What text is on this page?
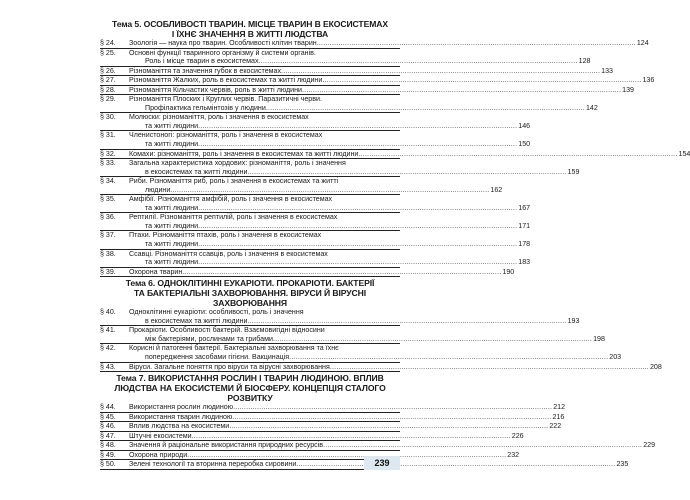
Тема 5. ОСОБЛИВОСТІ ТВАРИН. МІСЦЕ ТВАРИН В ЕКОСИСТЕМАХ
І ЇХНЄ ЗНАЧЕННЯ В ЖИТТІ ЛЮДСТВА
§ 24.	Зоологія — наука про тварин. Особливості клітин тварин .....	124
§ 25.	Основні функції тваринного організму й системи органів.
Роль і місце тварин в екосистемах .....	128
§ 26.	Різноманіття та значення губок в екосистемах .....	133
§ 27.	Різноманіття Жалких, роль в екосистемах та житті людини .....	136
§ 28.	Різноманіття Кільчастих червів, роль в житті людини .....	139
§ 29.	Різноманіття Плоских і Круглих червів. Паразитичні черви.
Профілактика гельмінтозів у людини .....	142
§ 30.	Молюски: різноманіття, роль і значення в екосистемах
та житті людини .....	146
§ 31.	Членистоногі: різноманіття, роль і значення в екосистемах
та житті людини .....	150
§ 32.	Комахи: різноманіття, роль і значення в екосистемах та житті людини .....	154
§ 33.	Загальна характеристика хордових: різноманіття, роль і значення
в екосистемах та житті людини .....	159
§ 34.	Риби. Різноманіття риб, роль і значення в екосистемах та житті
людини .....	162
§ 35.	Амфібії. Різноманіття амфібій, роль і значення в екосистемах
та житті людини .....	167
§ 36.	Рептилії. Різноманіття рептилій, роль і значення в екосистемах
та житті людини .....	171
§ 37.	Птахи. Різноманіття птахів, роль і значення в екосистемах
та житті людини .....	178
§ 38.	Ссавці. Різноманіття ссавців, роль і значення в екосистемах
та житті людини .....	183
§ 39.	Охорона тварин .....	190
Тема 6. ОДНОКЛІТИННІ ЕУКАРІОТИ. ПРОКАРІОТИ. БАКТЕРІЇ
ТА БАКТЕРІАЛЬНІ ЗАХВОРЮВАННЯ. ВІРУСИ Й ВІРУСНІ ЗАХВОРЮВАННЯ
§ 40.	Одноклітинні еукаріоти: особливості, роль і значення
в екосистемах та житті людини .....	193
§ 41.	Прокаріоти. Особливості бактерій. Взаємовигідні відносини
між бактеріями, рослинами та грибами .....	198
§ 42.	Корисні й патогенні бактерії. Бактеріальні захворювання та їхнє
попередження засобами гігієни. Вакцинація .....	203
§ 43.	Віруси. Загальне поняття про віруси та вірусні захворювання .....	208
Тема 7. ВИКОРИСТАННЯ РОСЛИН І ТВАРИН ЛЮДИНОЮ. ВПЛИВ
ЛЮДСТВА НА ЕКОСИСТЕМИ Й БІОСФЕРУ. КОНЦЕПЦІЯ СТАЛОГО РОЗВИТКУ
§ 44.	Використання рослин людиною .....	212
§ 45.	Використання тварин людиною .....	216
§ 46.	Вплив людства на екосистеми .....	222
§ 47.	Штучні екосистеми .....	226
§ 48.	Значення й раціональне використання природних ресурсів .....	229
§ 49.	Охорона природи .....	232
§ 50.	Зелені технології та вторинна переробка сировини .....	235
239
